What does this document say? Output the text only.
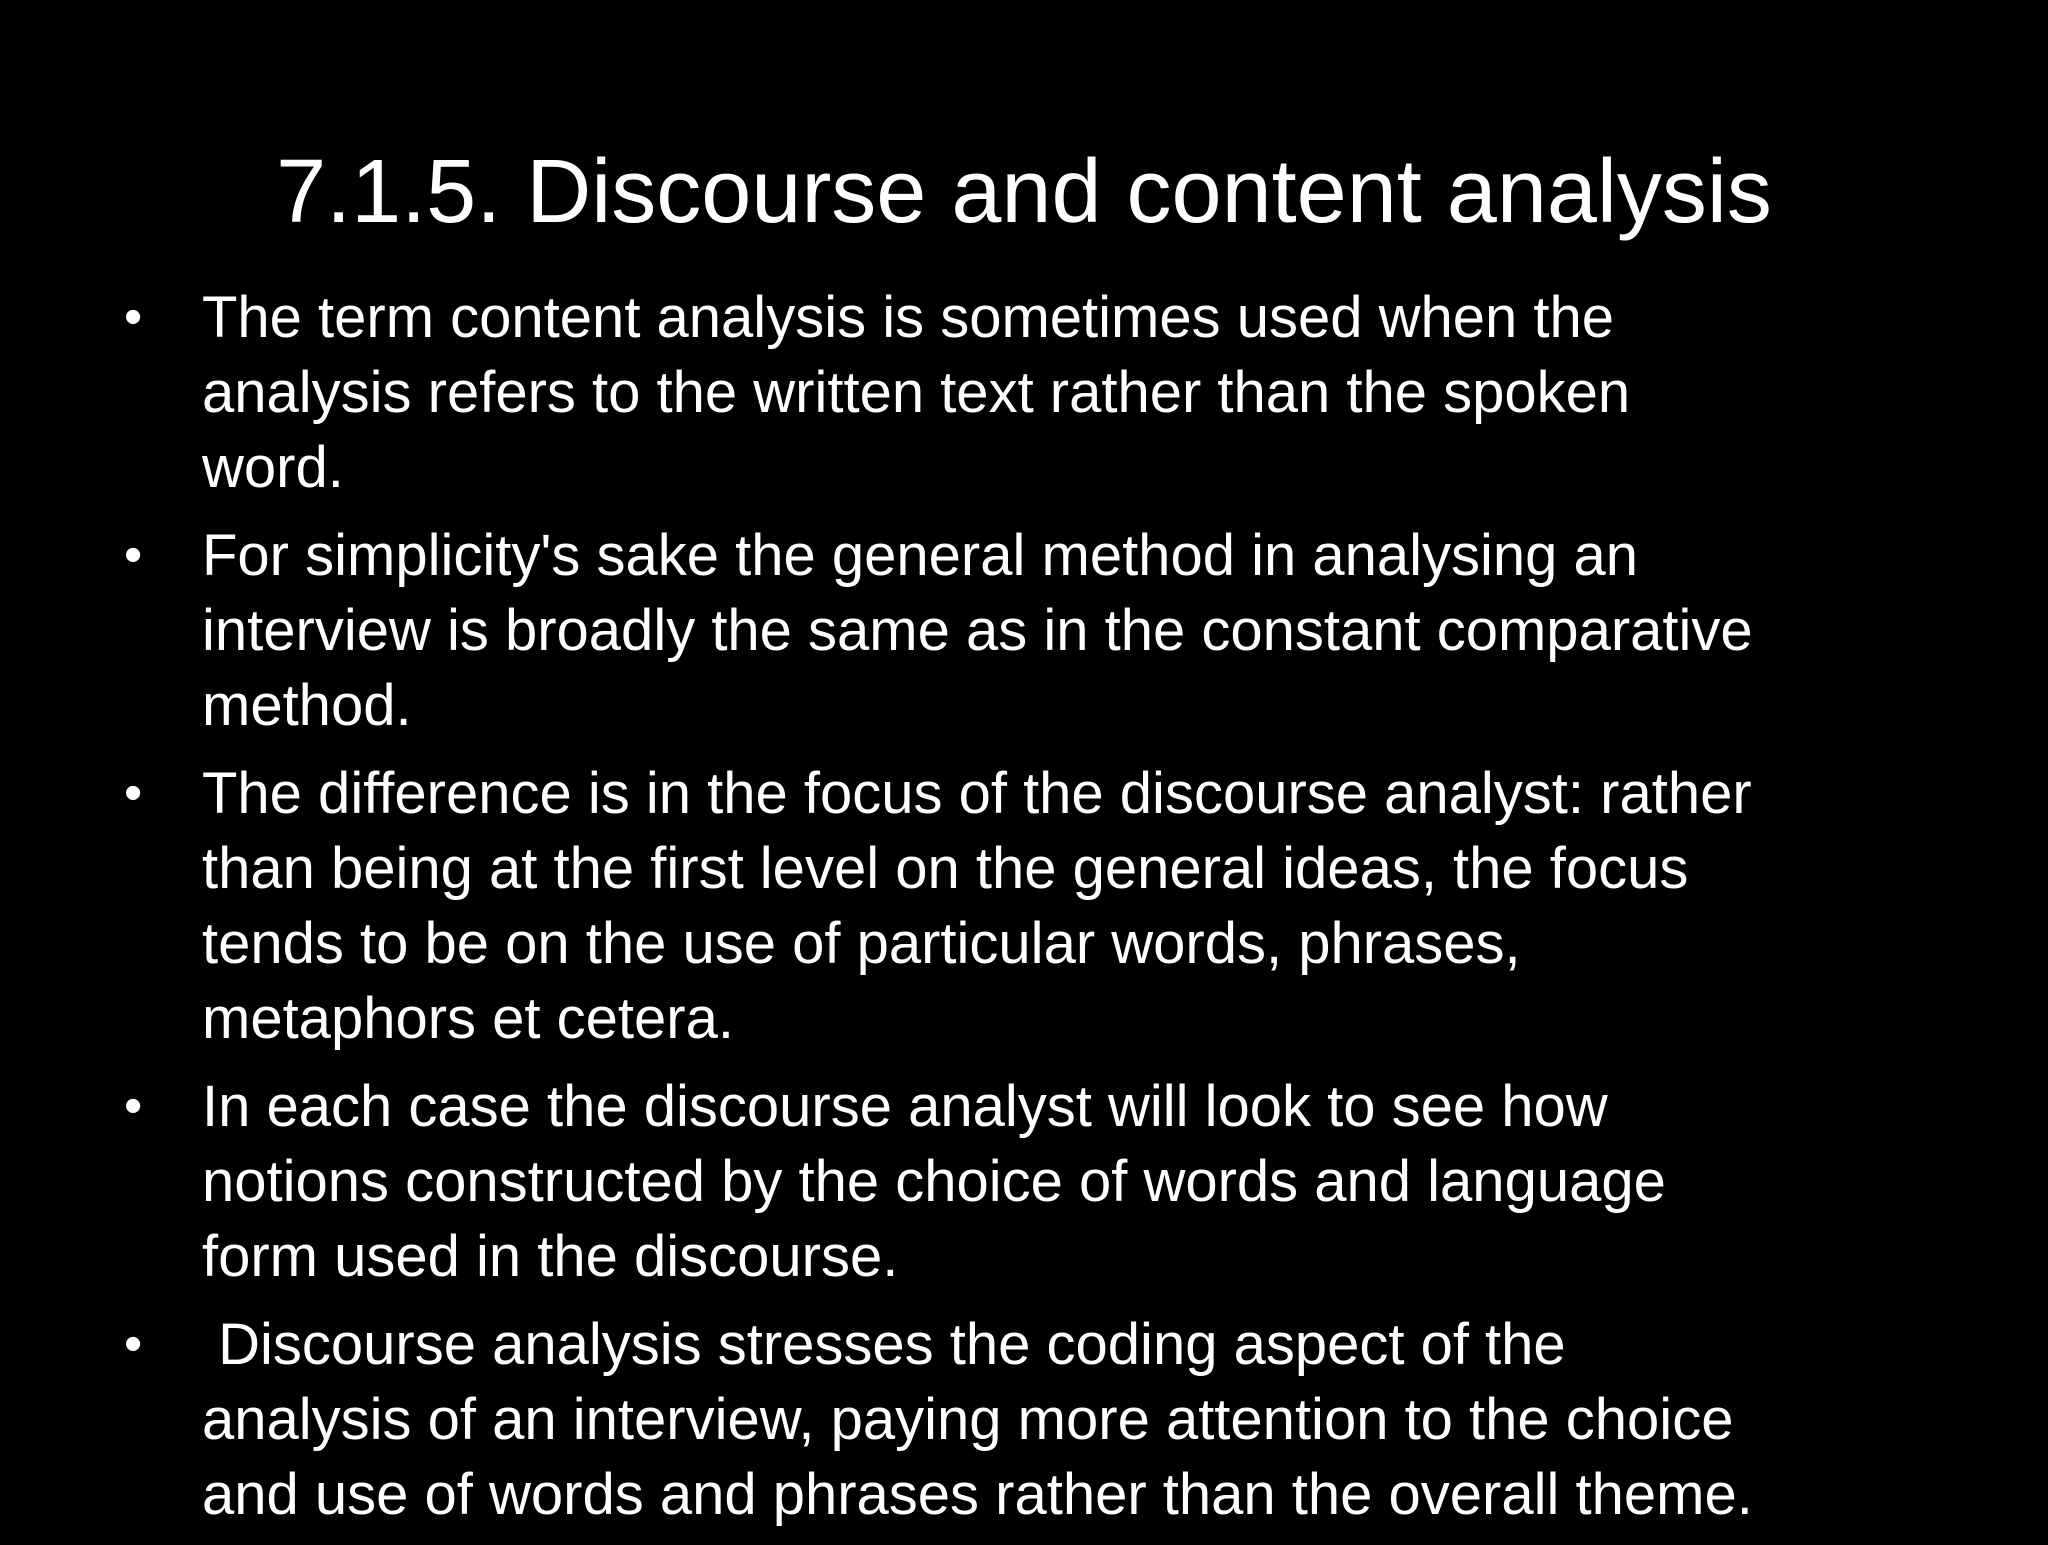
7.1.5. Discourse and content analysis
•	The term content analysis is sometimes used when the
analysis refers to the written text rather than the spoken
word.
•	For simplicity's sake the general method in analysing an
interview is broadly the same as in the constant comparative
method.
•	The difference is in the focus of the discourse analyst: rather
than being at the first level on the general ideas, the focus
tends to be on the use of particular words, phrases,
metaphors et cetera.
•	In each case the discourse analyst will look to see how
notions constructed by the choice of words and language
form used in the discourse.
•	Discourse analysis stresses the coding aspect of the
analysis of an interview, paying more attention to the choice
and use of words and phrases rather than the overall theme.
